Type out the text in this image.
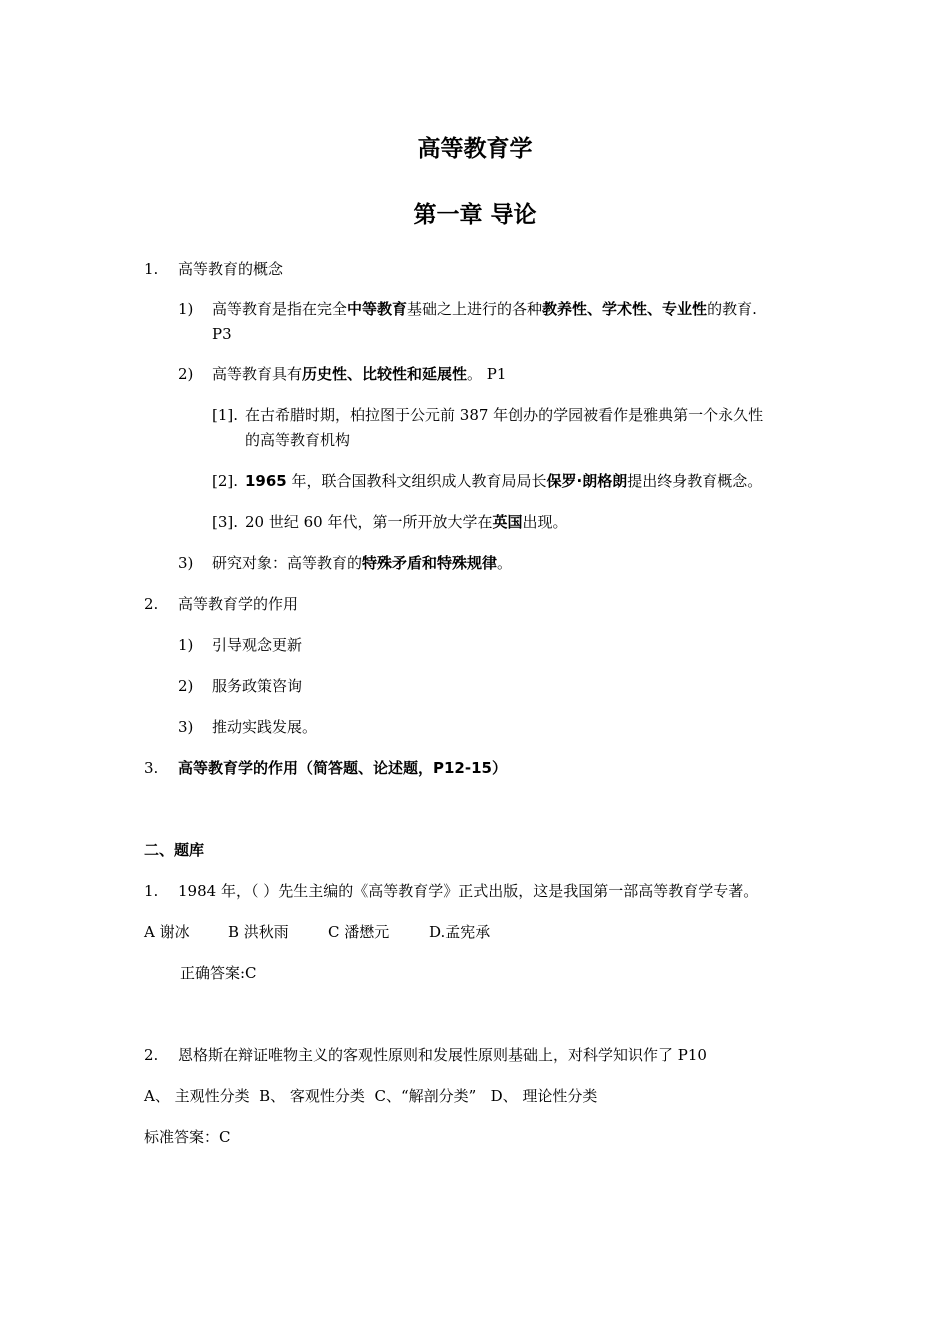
高等教育学
第一章 导论
1. 高等教育的概念
1) 高等教育是指在完全中等教育基础之上进行的各种教养性、学术性、专业性的教育.
P3
2) 高等教育具有历史性、比较性和延展性。 P1
[1]. 在古希腊时期，柏拉图于公元前 387 年创办的学园被看作是雅典第一个永久性
的高等教育机构
[2]. 1965 年，联合国教科文组织成人教育局局长保罗·朗格朗提出终身教育概念。
[3]. 20 世纪 60 年代，第一所开放大学在英国出现。
3) 研究对象：高等教育的特殊矛盾和特殊规律。
2. 高等教育学的作用
1) 引导观念更新
2) 服务政策咨询
3) 推动实践发展。
3. 高等教育学的作用（简答题、论述题，P12-15）
二、题库
1. 1984 年，（ ）先生主编的《高等教育学》正式出版，这是我国第一部高等教育学专著。
A 谢冰	B 洪秋雨	C 潘懋元	D.孟宪承
正确答案:C
2. 恩格斯在辩证唯物主义的客观性原则和发展性原则基础上，对科学知识作了 P10
A、 主观性分类  B、 客观性分类  C、“解剖分类”   D、 理论性分类
标准答案：C
